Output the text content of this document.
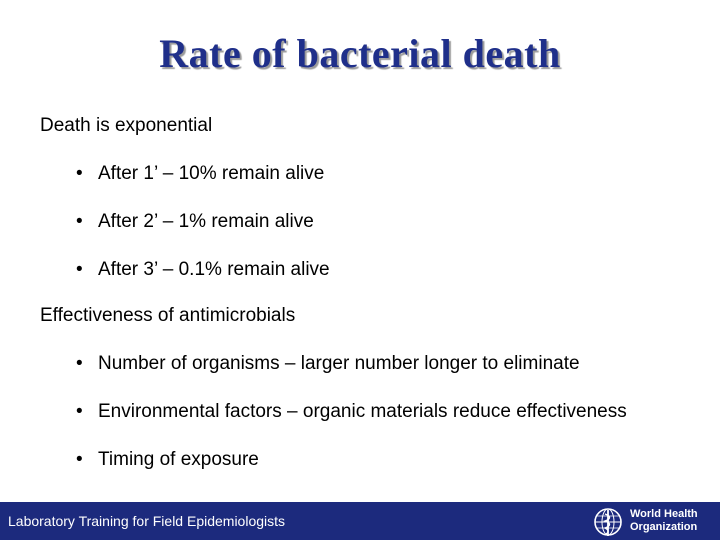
Rate of bacterial death
Death is exponential
• After 1’ – 10% remain alive
• After 2’ – 1% remain alive
• After 3’ – 0.1% remain alive
Effectiveness of antimicrobials
• Number of organisms – larger number longer to eliminate
• Environmental factors – organic materials reduce effectiveness
• Timing of exposure
Laboratory Training for Field Epidemiologists	World Health
Organization
